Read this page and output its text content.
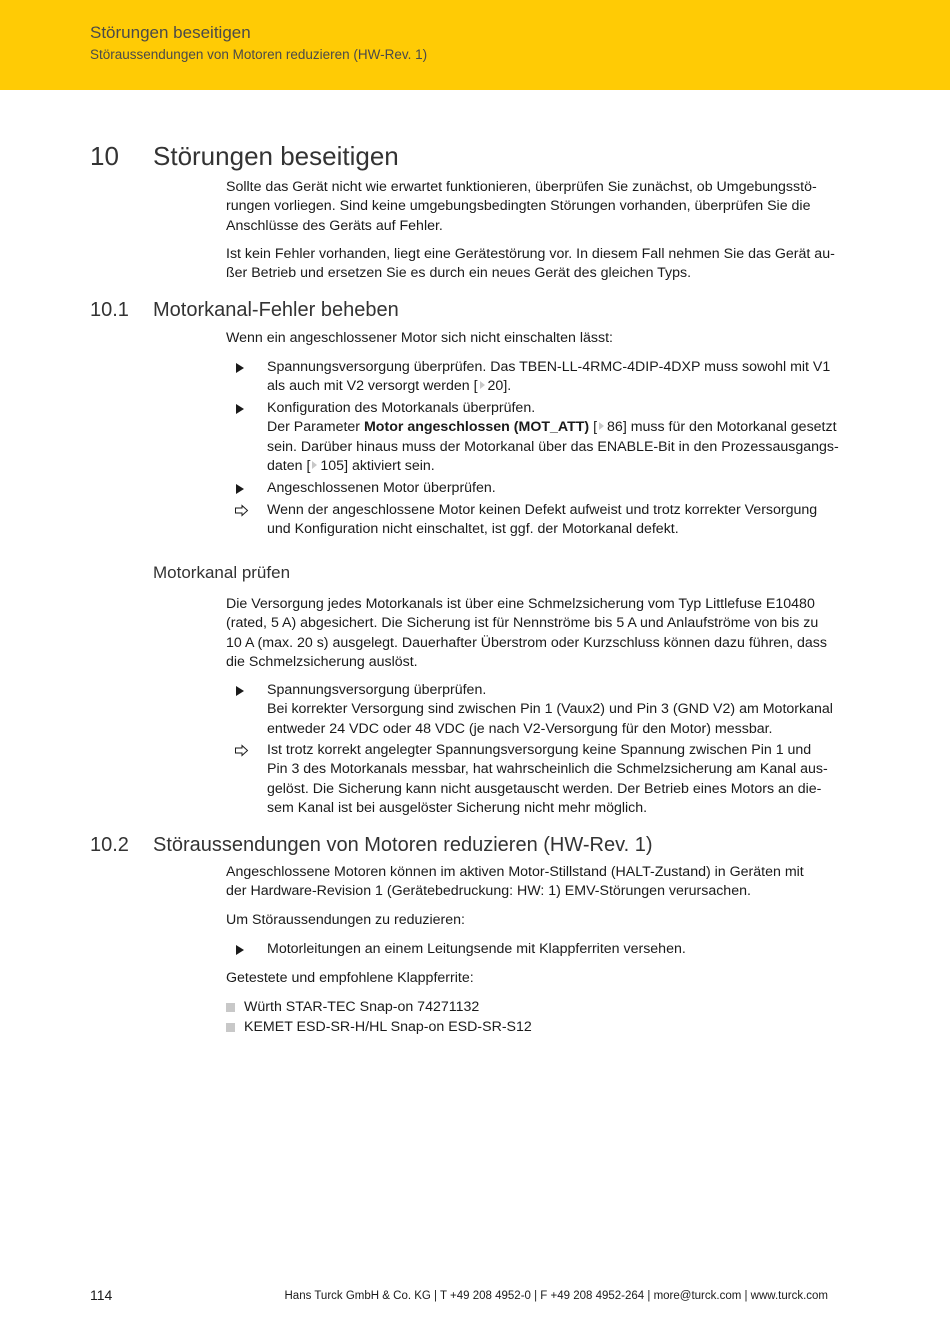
Störungen beseitigen
Störaussendungen von Motoren reduzieren (HW-Rev. 1)
10 Störungen beseitigen

Sollte das Gerät nicht wie erwartet funktionieren, überprüfen Sie zunächst, ob Umgebungsstö-

rungen vorliegen. Sind keine umgebungsbedingten Störungen vorhanden, überprüfen Sie die

Anschlüsse des Geräts auf Fehler.

Ist kein Fehler vorhanden, liegt eine Gerätestörung vor. In diesem Fall nehmen Sie das Gerät au-

ßer Betrieb und ersetzen Sie es durch ein neues Gerät des gleichen Typs.

10.1 Motorkanal-Fehler beheben
Wenn ein angeschlossener Motor sich nicht einschalten lässt:
Spannungsversorgung überprüfen. Das TBEN-LL-4RMC-4DIP-4DXP muss sowohl mit V1
als auch mit V2 versorgt werden [ 20].
Konfiguration des Motorkanals überprüfen.
Der Parameter Motor angeschlossen (MOT_ATT) [ 86] muss für den Motorkanal gesetzt
sein. Darüber hinaus muss der Motorkanal über das ENABLE-Bit in den Prozessausgangs-
daten [ 105] aktiviert sein.
Angeschlossenen Motor überprüfen.
Wenn der angeschlossene Motor keinen Defekt aufweist und trotz korrekter Versorgung
und Konfiguration nicht einschaltet, ist ggf. der Motorkanal defekt.
Motorkanal prüfen

Die Versorgung jedes Motorkanals ist über eine Schmelzsicherung vom Typ Littlefuse E10480

(rated, 5 A) abgesichert. Die Sicherung ist für Nennströme bis 5 A und Anlaufströme von bis zu

10 A (max. 20 s) ausgelegt. Dauerhafter Überstrom oder Kurzschluss können dazu führen, dass

die Schmelzsicherung auslöst.

Spannungsversorgung überprüfen.
Bei korrekter Versorgung sind zwischen Pin 1 (Vaux2) und Pin 3 (GND V2) am Motorkanal
entweder 24 VDC oder 48 VDC (je nach V2-Versorgung für den Motor) messbar.
Ist trotz korrekt angelegter Spannungsversorgung keine Spannung zwischen Pin 1 und
Pin 3 des Motorkanals messbar, hat wahrscheinlich die Schmelzsicherung am Kanal aus-
gelöst. Die Sicherung kann nicht ausgetauscht werden. Der Betrieb eines Motors an die-
sem Kanal ist bei ausgelöster Sicherung nicht mehr möglich.
10.2 Störaussendungen von Motoren reduzieren (HW-Rev. 1)

Angeschlossene Motoren können im aktiven Motor-Stillstand (HALT-Zustand) in Geräten mit

der Hardware-Revision 1 (Gerätebedruckung: HW: 1) EMV-Störungen verursachen.

Um Störaussendungen zu reduzieren:
Motorleitungen an einem Leitungsende mit Klappferriten versehen.
Getestete und empfohlene Klappferrite:
Würth STAR-TEC Snap-on 74271132
KEMET ESD-SR-H/HL Snap-on ESD-SR-S12
114	Hans Turck GmbH & Co. KG | T +49 208 4952-0 | F +49 208 4952-264 | more@turck.com | www.turck.com
